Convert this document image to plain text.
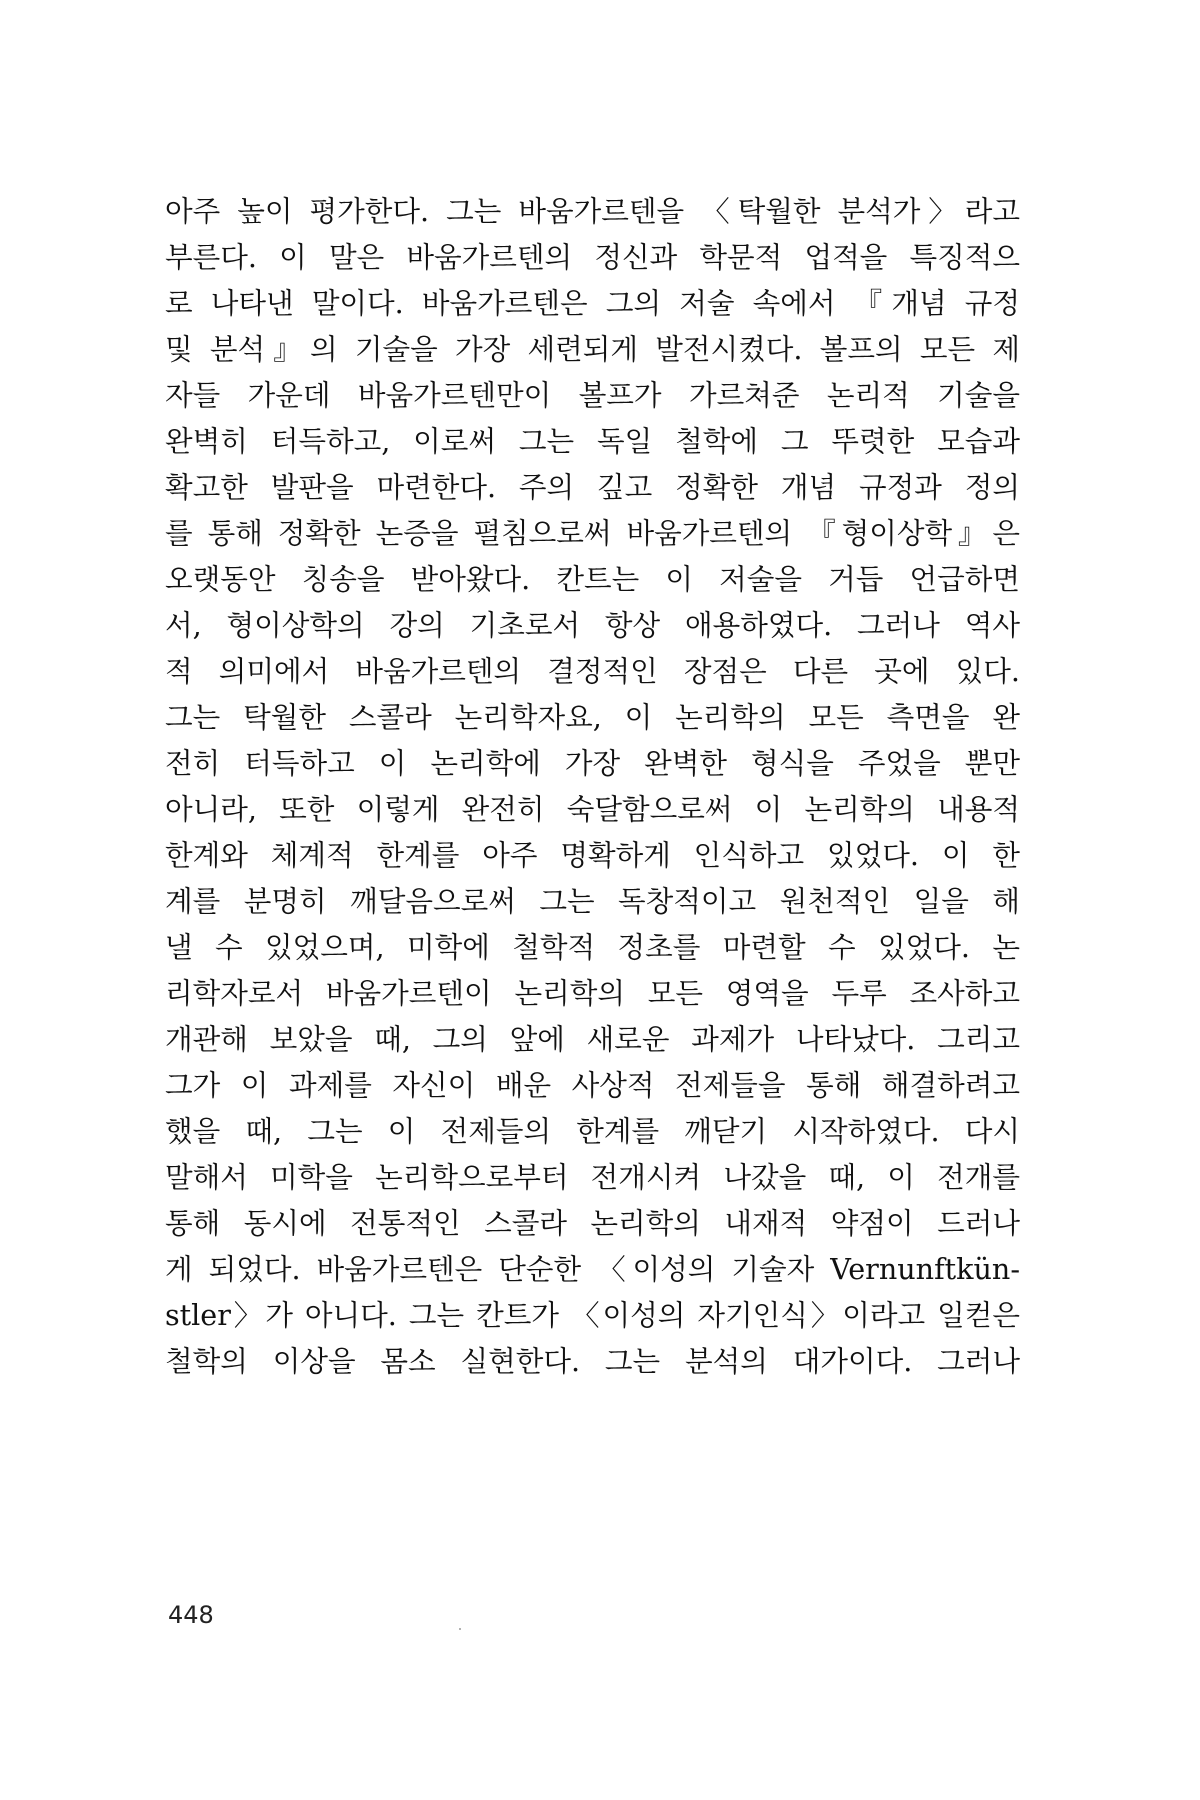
아주 높이 평가한다. 그는 바움가르텐을 〈탁월한 분석가〉라고
부른다. 이 말은 바움가르텐의 정신과 학문적 업적을 특징적으
로 나타낸 말이다. 바움가르텐은 그의 저술 속에서 『개념 규정
및 분석』의 기술을 가장 세련되게 발전시켰다. 볼프의 모든 제
자들 가운데 바움가르텐만이 볼프가 가르쳐준 논리적 기술을
완벽히 터득하고, 이로써 그는 독일 철학에 그 뚜렷한 모습과
확고한 발판을 마련한다. 주의 깊고 정확한 개념 규정과 정의
를 통해 정확한 논증을 펼침으로써 바움가르텐의 『형이상학』은
오랫동안 칭송을 받아왔다. 칸트는 이 저술을 거듭 언급하면
서, 형이상학의 강의 기초로서 항상 애용하였다. 그러나 역사
적 의미에서 바움가르텐의 결정적인 장점은 다른 곳에 있다.
그는 탁월한 스콜라 논리학자요, 이 논리학의 모든 측면을 완
전히 터득하고 이 논리학에 가장 완벽한 형식을 주었을 뿐만
아니라, 또한 이렇게 완전히 숙달함으로써 이 논리학의 내용적
한계와 체계적 한계를 아주 명확하게 인식하고 있었다. 이 한
계를 분명히 깨달음으로써 그는 독창적이고 원천적인 일을 해
낼 수 있었으며, 미학에 철학적 정초를 마련할 수 있었다. 논
리학자로서 바움가르텐이 논리학의 모든 영역을 두루 조사하고
개관해 보았을 때, 그의 앞에 새로운 과제가 나타났다. 그리고
그가 이 과제를 자신이 배운 사상적 전제들을 통해 해결하려고
했을 때, 그는 이 전제들의 한계를 깨닫기 시작하였다. 다시
말해서 미학을 논리학으로부터 전개시켜 나갔을 때, 이 전개를
통해 동시에 전통적인 스콜라 논리학의 내재적 약점이 드러나
게 되었다. 바움가르텐은 단순한 〈이성의 기술자 Vernunftkün-
stler〉가 아니다. 그는 칸트가 〈이성의 자기인식〉이라고 일컫은
철학의 이상을 몸소 실현한다. 그는 분석의 대가이다. 그러나
448
